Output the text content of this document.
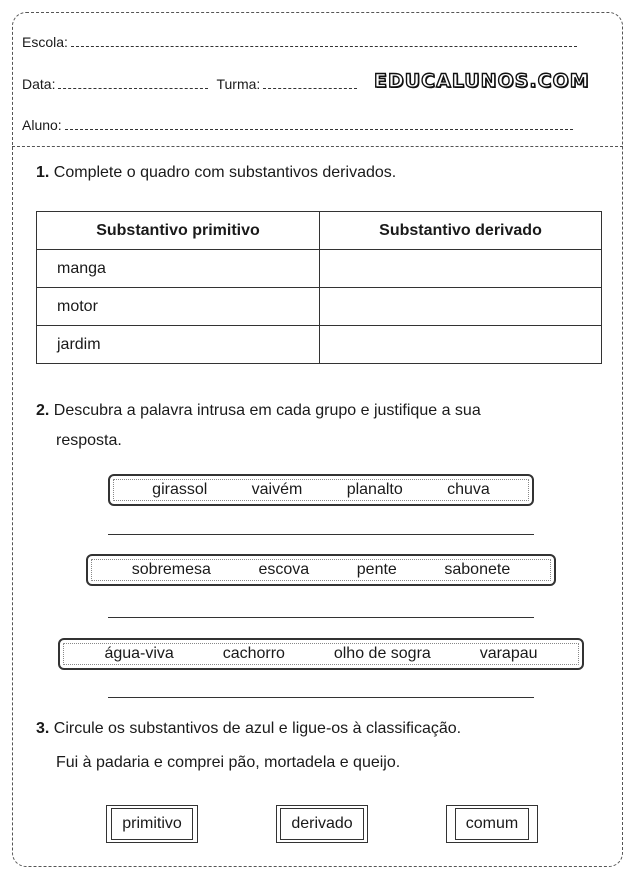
Escola:
Data:	Turma:	EDUCALUNOS.COM
Aluno:
1. Complete o quadro com substantivos derivados.
Substantivo primitivo	Substantivo derivado
manga	
motor	
jardim	
2. Descubra a palavra intrusa em cada grupo e justifique a sua
resposta.
girassol	vaivém	planalto	chuva
sobremesa	escova	pente	sabonete
água-viva	cachorro	olho de sogra	varapau
3. Circule os substantivos de azul e ligue-os à classificação.
Fui à padaria e comprei pão, mortadela e queijo.
primitivo	derivado	comum
